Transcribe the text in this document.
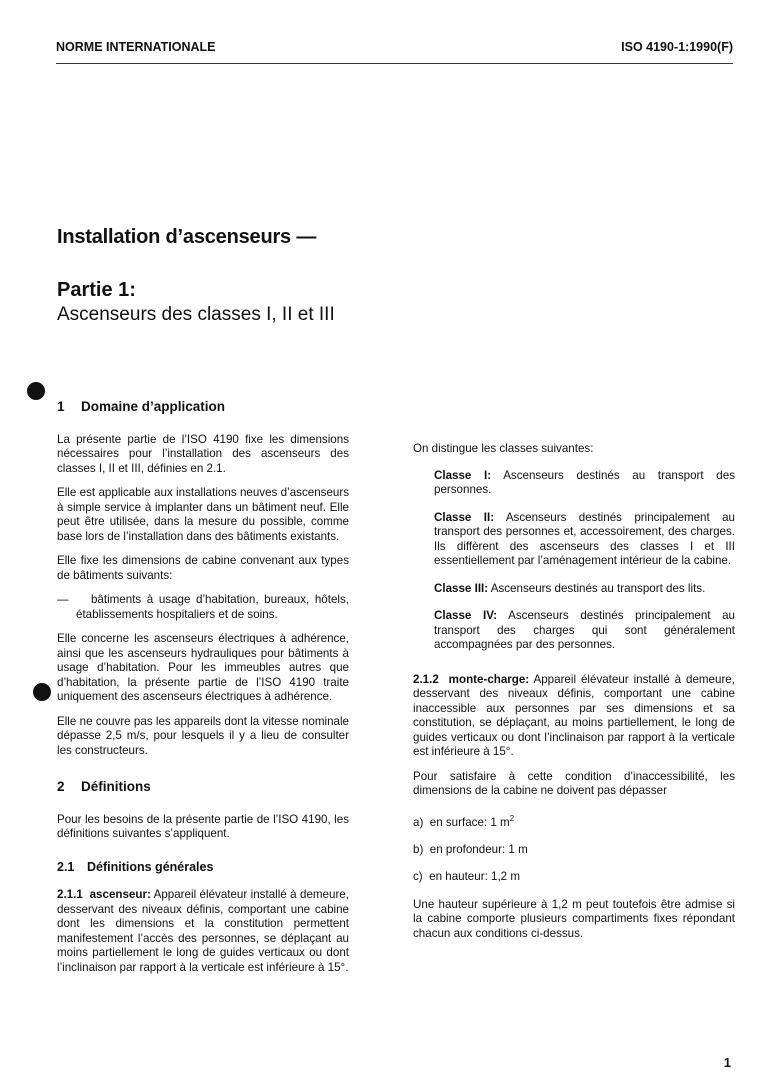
NORME INTERNATIONALE	ISO 4190-1:1990(F)
Installation d’ascenseurs —
Partie 1:
Ascenseurs des classes I, II et III
1 Domaine d’application

La présente partie de l’ISO 4190 fixe les dimensions nécessaires pour l’installation des ascenseurs des classes I, II et III, définies en 2.1.

Elle est applicable aux installations neuves d’ascenseurs à simple service à implanter dans un bâtiment neuf. Elle peut être utilisée, dans la mesure du possible, comme base lors de l’installation dans des bâtiments existants.

Elle fixe les dimensions de cabine convenant aux types de bâtiments suivants:

— bâtiments à usage d’habitation, bureaux, hôtels, établissements hospitaliers et de soins.

Elle concerne les ascenseurs électriques à adhérence, ainsi que les ascenseurs hydrauliques pour bâtiments à usage d’habitation. Pour les immeubles autres que d’habitation, la présente partie de l’ISO 4190 traite uniquement des ascenseurs électriques à adhérence.

Elle ne couvre pas les appareils dont la vitesse nominale dépasse 2,5 m/s, pour lesquels il y a lieu de consulter les constructeurs.

2 Définitions

Pour les besoins de la présente partie de l’ISO 4190, les définitions suivantes s’appliquent.

2.1 Définitions générales

2.1.1 ascenseur: Appareil élévateur installé à demeure, desservant des niveaux définis, comportant une cabine dont les dimensions et la constitution permettent manifestement l’accès des personnes, se déplaçant au moins partiellement le long de guides verticaux ou dont l’inclinaison par rapport à la verticale est inférieure à 15°.

On distingue les classes suivantes:

Classe I: Ascenseurs destinés au transport des personnes.

Classe II: Ascenseurs destinés principalement au transport des personnes et, accessoirement, des charges. Ils diffèrent des ascenseurs des classes I et III essentiellement par l’aménagement intérieur de la cabine.

Classe III: Ascenseurs destinés au transport des lits.

Classe IV: Ascenseurs destinés principalement au transport des charges qui sont généralement accompagnées par des personnes.

2.1.2 monte-charge: Appareil élévateur installé à demeure, desservant des niveaux définis, comportant une cabine inaccessible aux personnes par ses dimensions et sa constitution, se déplaçant, au moins partiellement, le long de guides verticaux ou dont l’inclinaison par rapport à la verticale est inférieure à 15°.

Pour satisfaire à cette condition d’inaccessibilité, les dimensions de la cabine ne doivent pas dépasser

a) en surface: 1 $m^2$

b) en profondeur: 1 m

c) en hauteur: 1,2 m

Une hauteur supérieure à 1,2 m peut toutefois être admise si la cabine comporte plusieurs compartiments fixes répondant chacun aux conditions ci-dessus.

1
